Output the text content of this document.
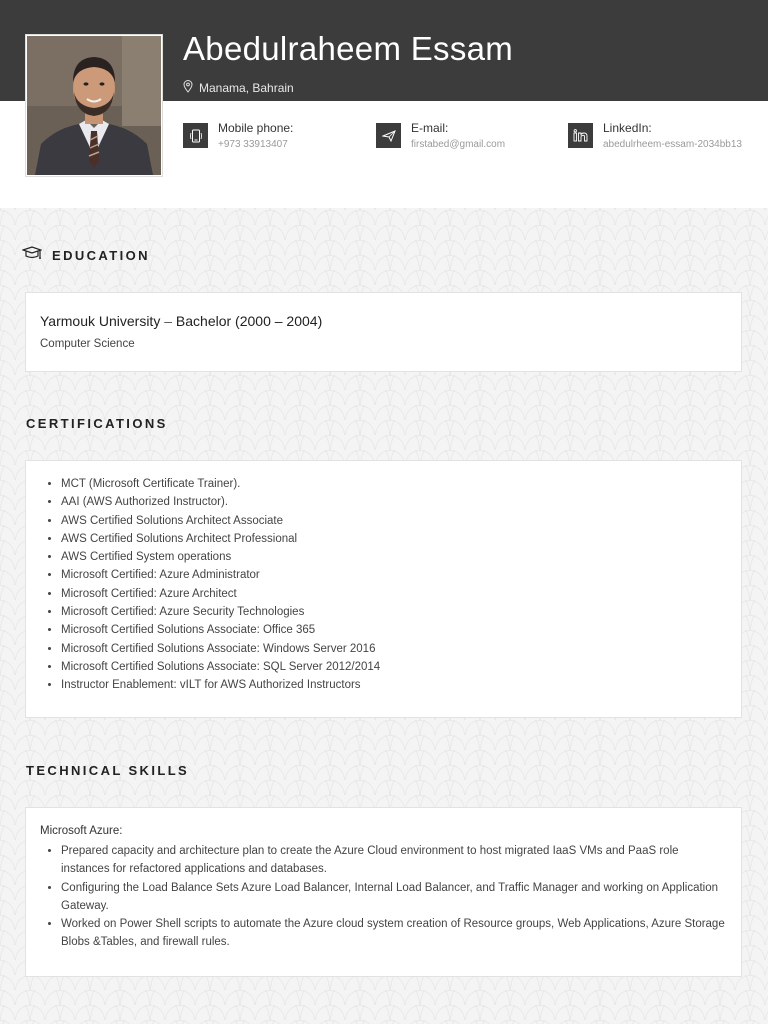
Abedulraheem Essam
Manama, Bahrain
Mobile phone:
+973 33913407
E-mail:
firstabed@gmail.com
LinkedIn:
abedulrheem-essam-2034bb13
EDUCATION
Yarmouk University – Bachelor (2000 – 2004)
Computer Science
CERTIFICATIONS
• MCT (Microsoft Certificate Trainer).
• AAI (AWS Authorized Instructor).
• AWS Certified Solutions Architect Associate
• AWS Certified Solutions Architect Professional
• AWS Certified System operations
• Microsoft Certified: Azure Administrator
• Microsoft Certified: Azure Architect
• Microsoft Certified: Azure Security Technologies
• Microsoft Certified Solutions Associate: Office 365
• Microsoft Certified Solutions Associate: Windows Server 2016
• Microsoft Certified Solutions Associate: SQL Server 2012/2014
• Instructor Enablement: vILT for AWS Authorized Instructors
TECHNICAL SKILLS
Microsoft Azure:
• Prepared capacity and architecture plan to create the Azure Cloud environment to host migrated IaaS VMs and PaaS role instances for refactored applications and databases.
• Configuring the Load Balance Sets Azure Load Balancer, Internal Load Balancer, and Traffic Manager and working on Application Gateway.
• Worked on Power Shell scripts to automate the Azure cloud system creation of Resource groups, Web Applications, Azure Storage Blobs &Tables, and firewall rules.
